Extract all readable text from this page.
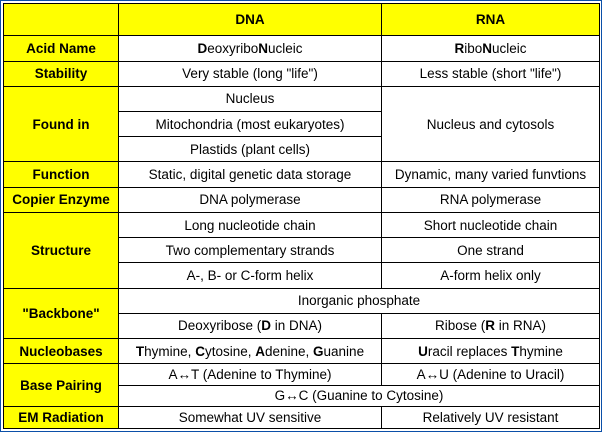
	DNA	RNA
Acid Name	DeoxyriboNucleic	RiboNucleic
Stability	Very stable (long "life")	Less stable (short "life")
Found in	Nucleus	Nucleus and cytosols
	Mitochondria (most eukaryotes)	
	Plastids (plant cells)	
Function	Static, digital genetic data storage	Dynamic, many varied funvtions
Copier Enzyme	DNA polymerase	RNA polymerase
Structure	Long nucleotide chain	Short nucleotide chain
	Two complementary strands	One strand
	A-, B- or C-form helix	A-form helix only
"Backbone"	Inorganic phosphate	
	Deoxyribose (D in DNA)	Ribose (R in RNA)
Nucleobases	Thymine, Cytosine, Adenine, Guanine	Uracil replaces Thymine
Base Pairing	A↔T (Adenine to Thymine)	A↔U (Adenine to Uracil)
	G↔C (Guanine to Cytosine)	
EM Radiation	Somewhat UV sensitive	Relatively UV resistant
